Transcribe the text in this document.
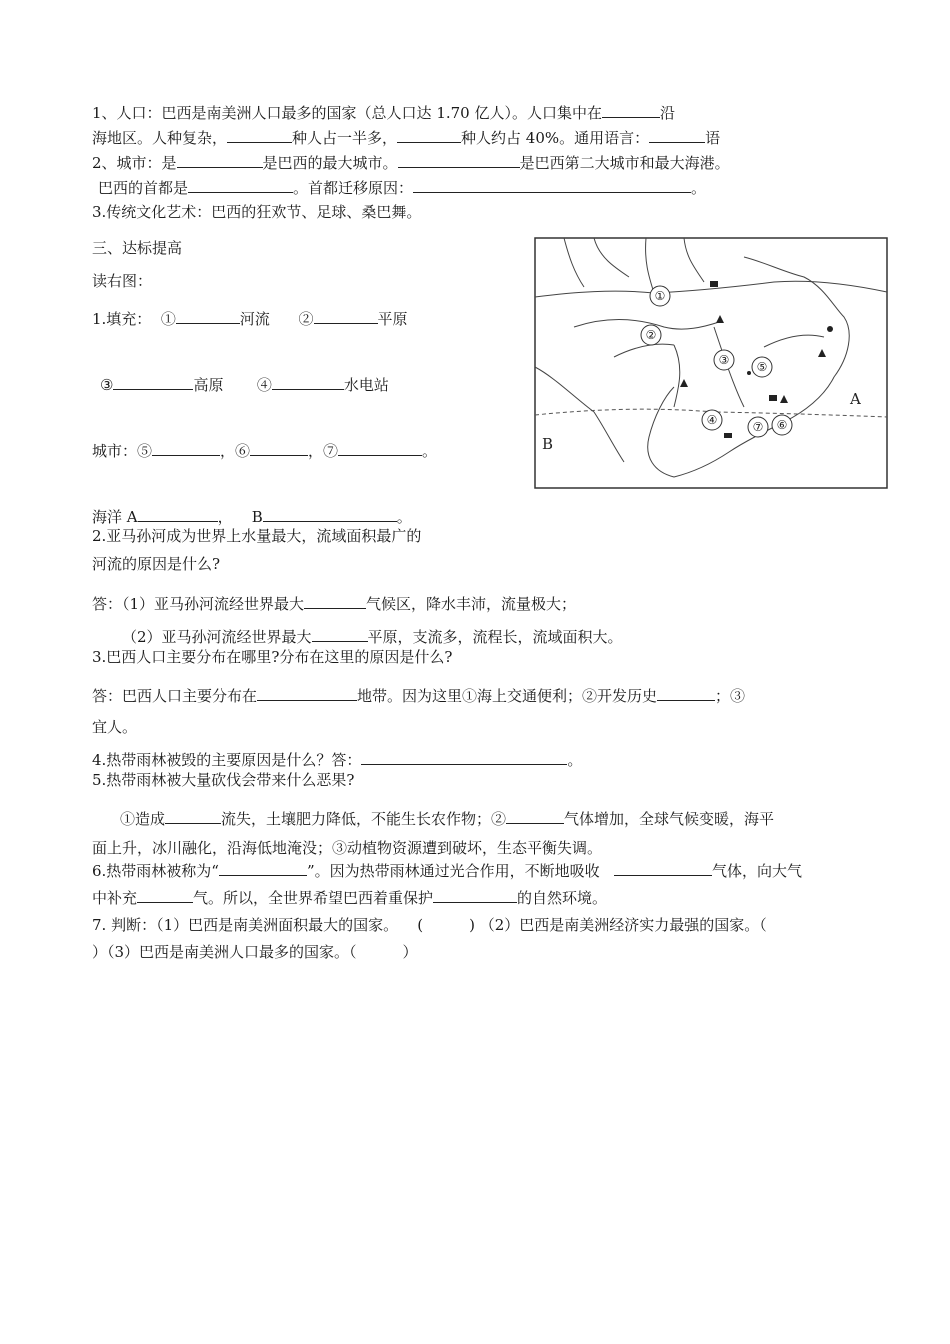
1、人口：巴西是南美洲人口最多的国家（总人口达 1.70 亿人）。人口集中在	沿
海地区。人种复杂，	种人占一半多，	种人约占 40%。通用语言：	语
2、城市：是	是巴西的最大城市。	是巴西第二大城市和最大海港。
巴西的首都是	。首都迁移原因：	。
3.传统文化艺术：巴西的狂欢节、足球、桑巴舞。
三、达标提高
读右图：
1.填充： ①	河流 ②	平原
③	高原 ④	水电站
城市：⑤	，⑥	，⑦	。
海洋 A	， B	。
2.亚马孙河成为世界上水量最大，流域面积最广的
河流的原因是什么?
答：（1）亚马孙河流经世界最大	气候区，降水丰沛，流量极大；
（2）亚马孙河流经世界最大	平原，支流多，流程长，流域面积大。
3.巴西人口主要分布在哪里?分布在这里的原因是什么?
答：巴西人口主要分布在	地带。因为这里①海上交通便利；②开发历史	；③
宜人。
4.热带雨林被毁的主要原因是什么？答：	。
5.热带雨林被大量砍伐会带来什么恶果?
①造成	流失，土壤肥力降低，不能生长农作物；②	气体增加，全球气候变暖，海平
面上升，冰川融化，沿海低地淹没；③动植物资源遭到破坏，生态平衡失调。
6.热带雨林被称为“	”。因为热带雨林通过光合作用，不断地吸收	气体，向大气
中补充	气。所以，全世界希望巴西着重保护	的自然环境。
7. 判断：（1）巴西是南美洲面积最大的国家。 (	) （2）巴西是南美洲经济实力最强的国家。（
）（3）巴西是南美洲人口最多的国家。（	）
①
②
③
④
⑤
⑥
⑦
A
B
